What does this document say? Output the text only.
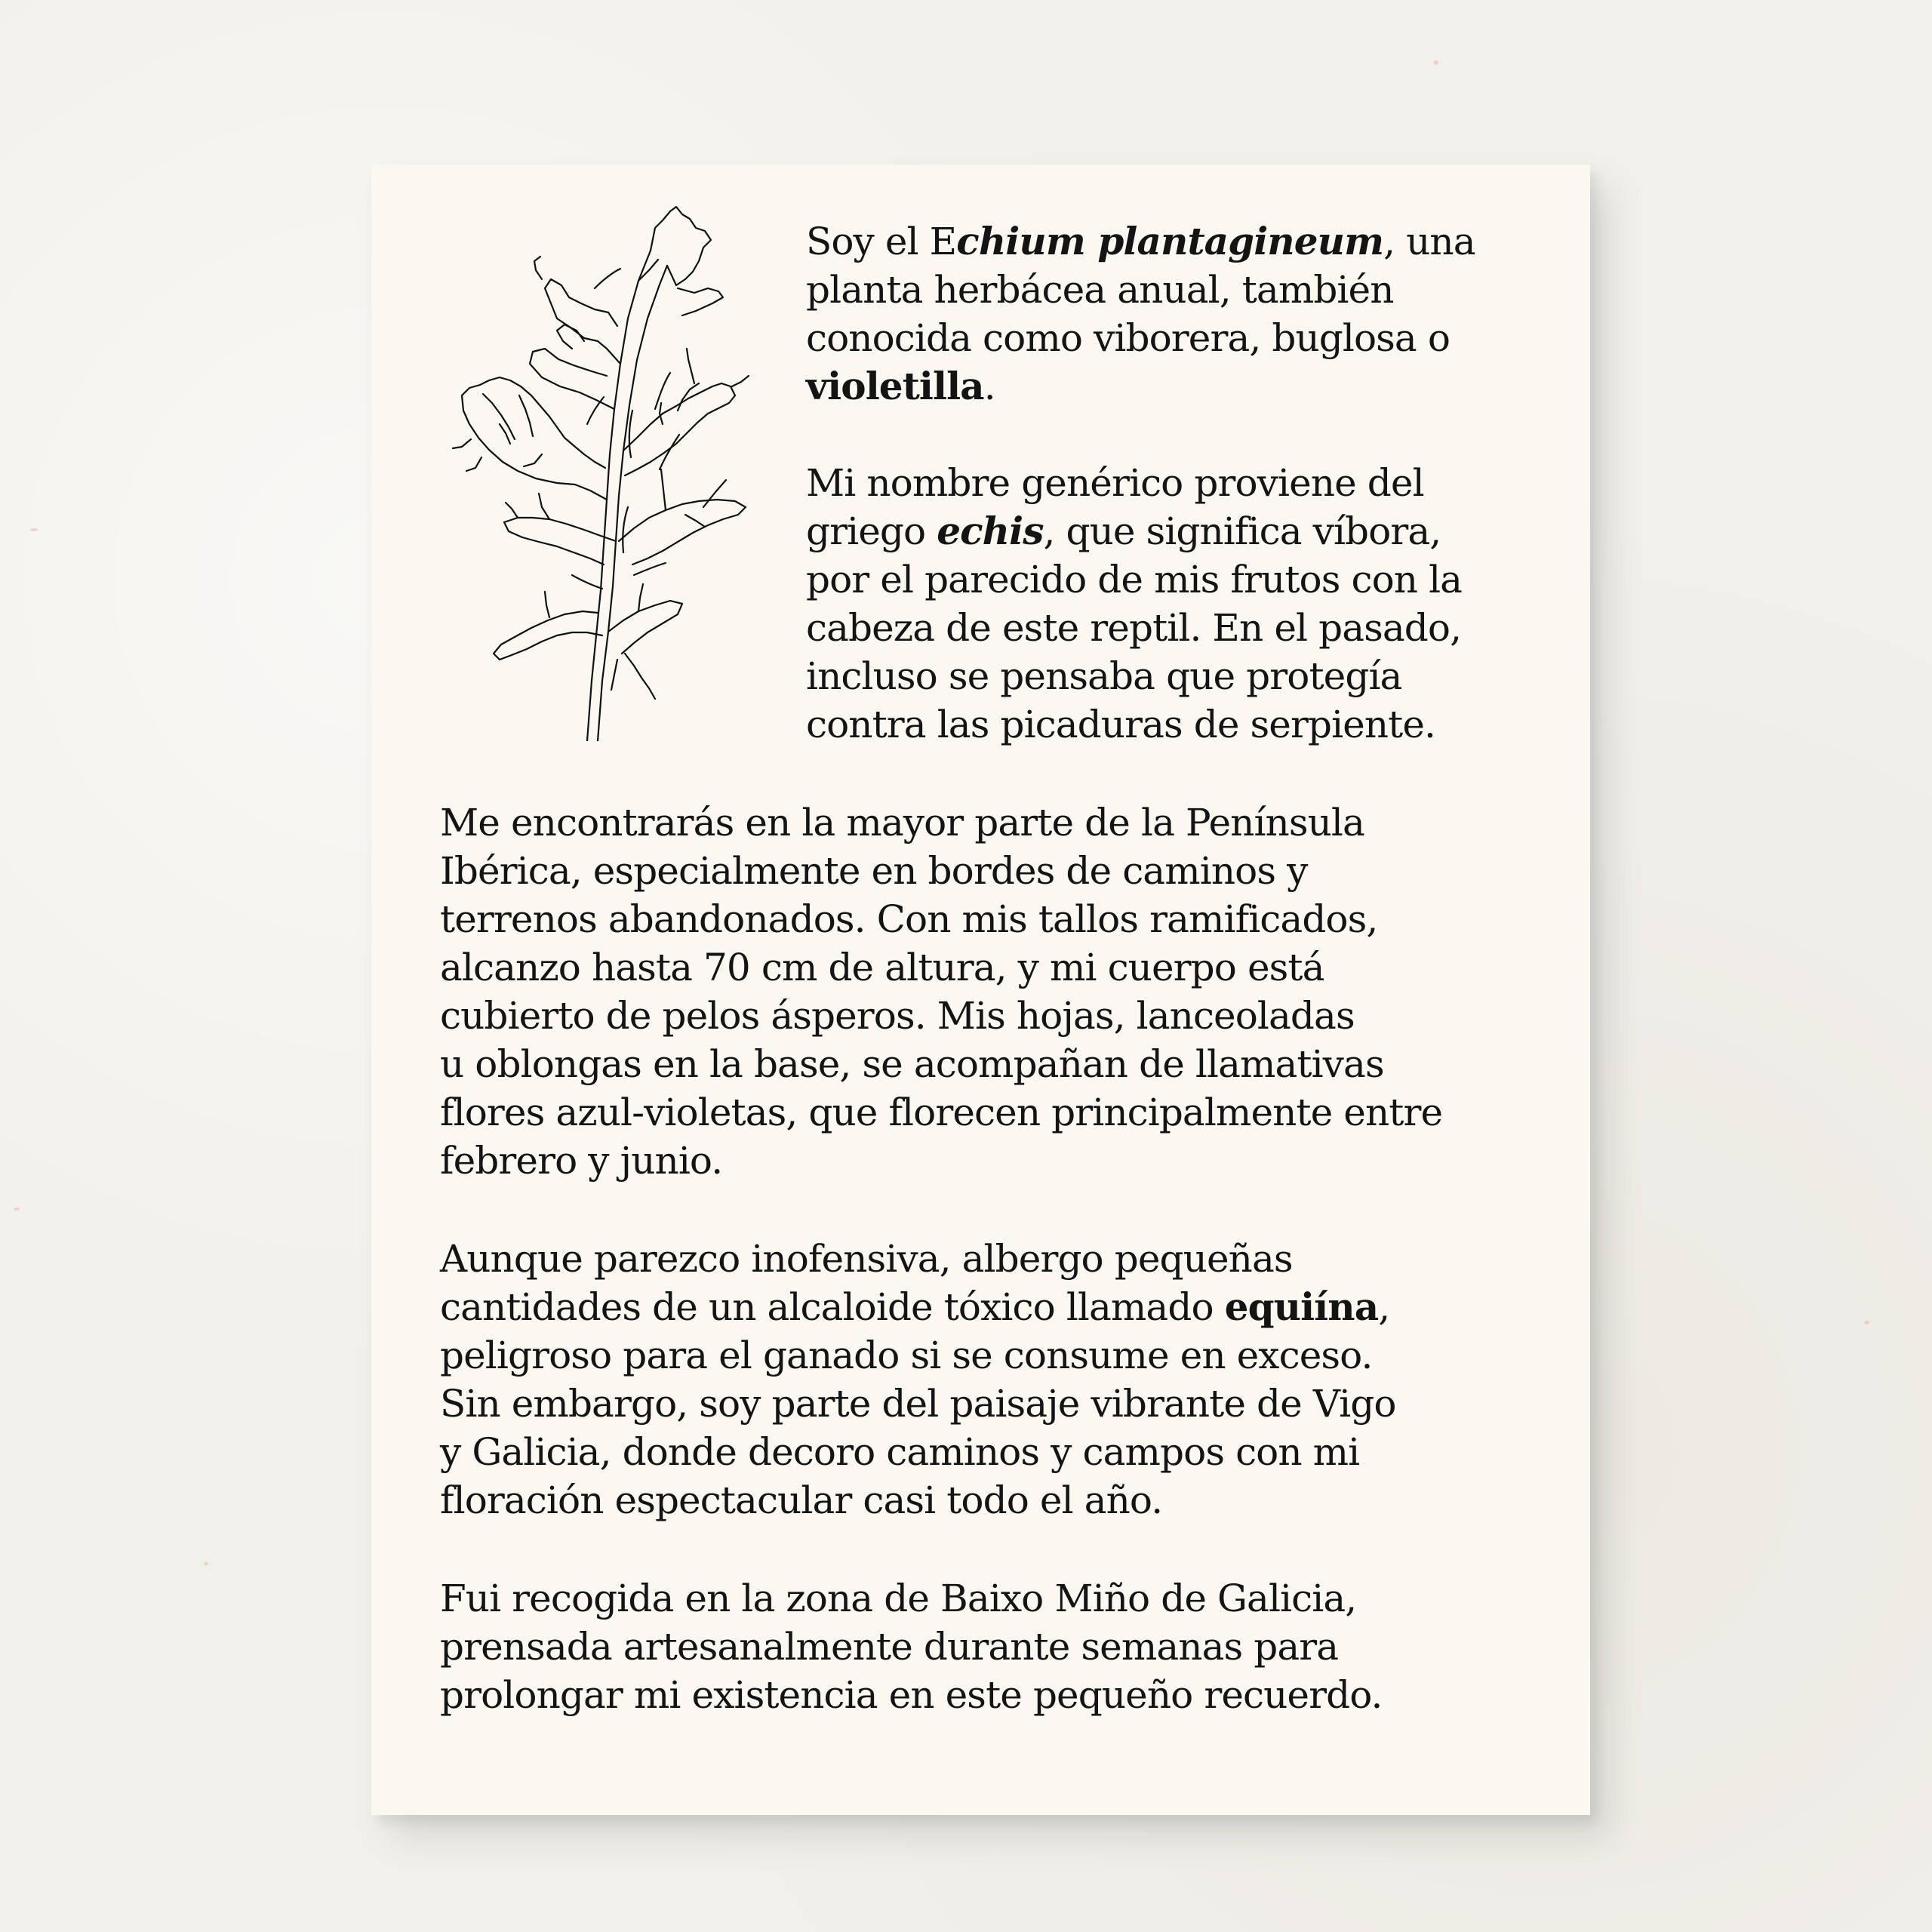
Soy el Echium plantagineum, una
planta herbácea anual, también
conocida como viborera, buglosa o
violetilla.

Mi nombre genérico proviene del
griego echis, que significa víbora,
por el parecido de mis frutos con la
cabeza de este reptil. En el pasado,
incluso se pensaba que protegía
contra las picaduras de serpiente.

Me encontrarás en la mayor parte de la Península
Ibérica, especialmente en bordes de caminos y
terrenos abandonados. Con mis tallos ramificados,
alcanzo hasta 70 cm de altura, y mi cuerpo está
cubierto de pelos ásperos. Mis hojas, lanceoladas
u oblongas en la base, se acompañan de llamativas
flores azul-violetas, que florecen principalmente entre
febrero y junio.

Aunque parezco inofensiva, albergo pequeñas
cantidades de un alcaloide tóxico llamado equiína,
peligroso para el ganado si se consume en exceso.
Sin embargo, soy parte del paisaje vibrante de Vigo
y Galicia, donde decoro caminos y campos con mi
floración espectacular casi todo el año.

Fui recogida en la zona de Baixo Miño de Galicia,
prensada artesanalmente durante semanas para
prolongar mi existencia en este pequeño recuerdo.
